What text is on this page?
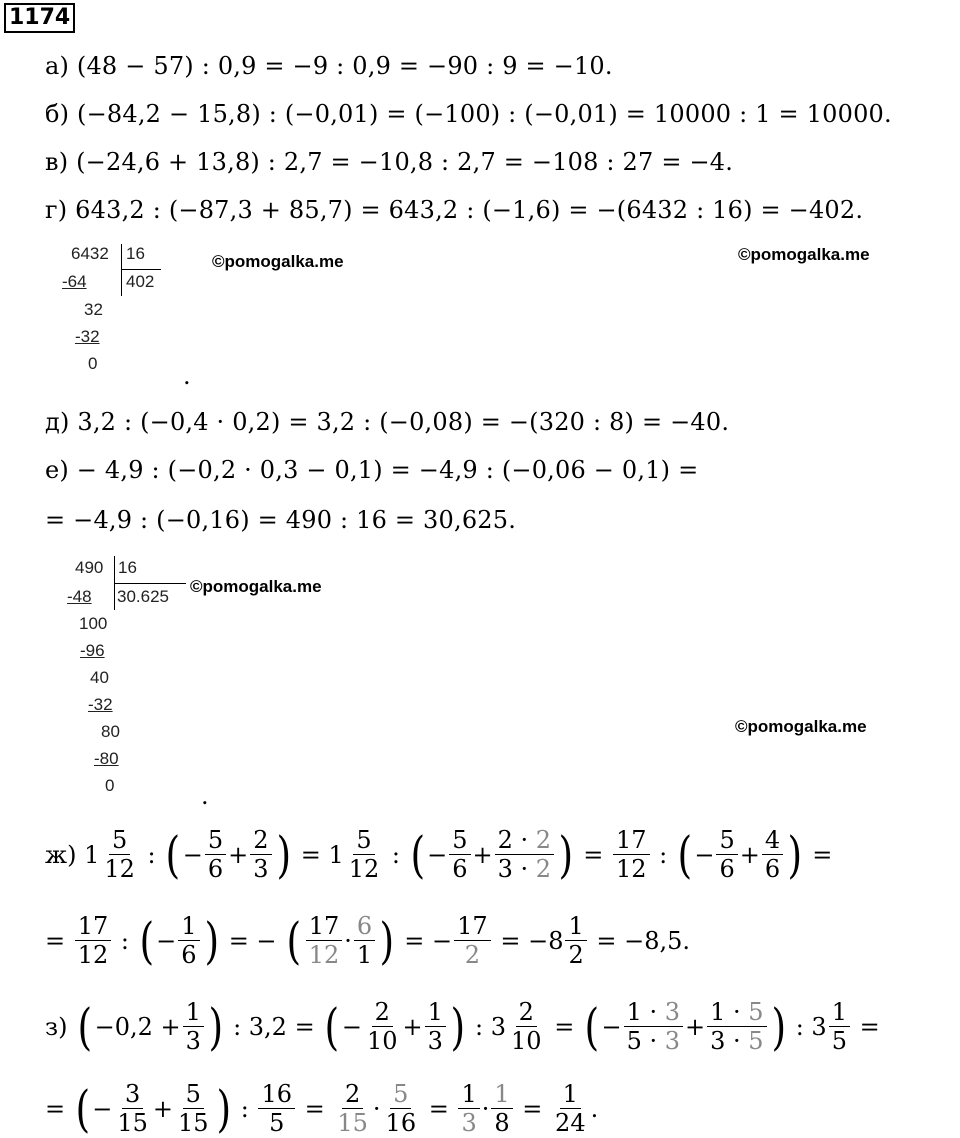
1174
а) (48 − 57) : 0,9 = −9 : 0,9 = −90 : 9 = −10.
б) (−84,2 − 15,8) : (−0,01) = (−100) : (−0,01) = 10000 : 1 = 10000.
в) (−24,6 + 13,8) : 2,7 = −10,8 : 2,7 = −108 : 27 = −4.
г) 643,2 : (−87,3 + 85,7) = 643,2 : (−1,6) = −(6432 : 16) = −402.
6432 16
402
-64
32
-32
0
©pomogalka.me	©pomogalka.me
.
д) 3,2 : (−0,4 · 0,2) = 3,2 : (−0,08) = −(320 : 8) = −40.
е) − 4,9 : (−0,2 · 0,3 − 0,1) = −4,9 : (−0,06 − 0,1) =
= −4,9 : (−0,16) = 490 : 16 = 30,625.
490 16
30.625
-48
100
-96
40
-32
80
-80
0
©pomogalka.me
©pomogalka.me
.
ж)
$1 \frac{5}{12}$ : ( − $\frac{5}{6} + \frac{2}{3}$ ) = $1 \frac{5}{12}$ : ( − $\frac{5}{6} + \frac{2 \cdot 2}{3 \cdot 2}$ ) = $\frac{17}{12}$ : ( − $\frac{5}{6} + \frac{4}{6}$ ) =
= $\frac{17}{12}$ : ( − $\frac{1}{6}$ ) = − ( $\frac{17}{12} \cdot \frac{6}{1}$ ) = − $\frac{17}{2}$ = − $8 \frac{1}{2}$
= −8,5.
з)
( $-0,2 + \frac{1}{3}$ )
: 3,2 =
( − $\frac{2}{10} + \frac{1}{3}$ ) : $3 \frac{2}{10}$ = ( − $\frac{1 \cdot 3}{5 \cdot 3} + \frac{1 \cdot 5}{3 \cdot 5}$ ) : $3 \frac{1}{5}$ =
= ( − $\frac{3}{15} + \frac{5}{15}$ ) : $\frac{16}{5} = \frac{2}{15} \cdot \frac{5}{16} = \frac{1}{3} \cdot \frac{1}{8} = \frac{1}{24}$ .
